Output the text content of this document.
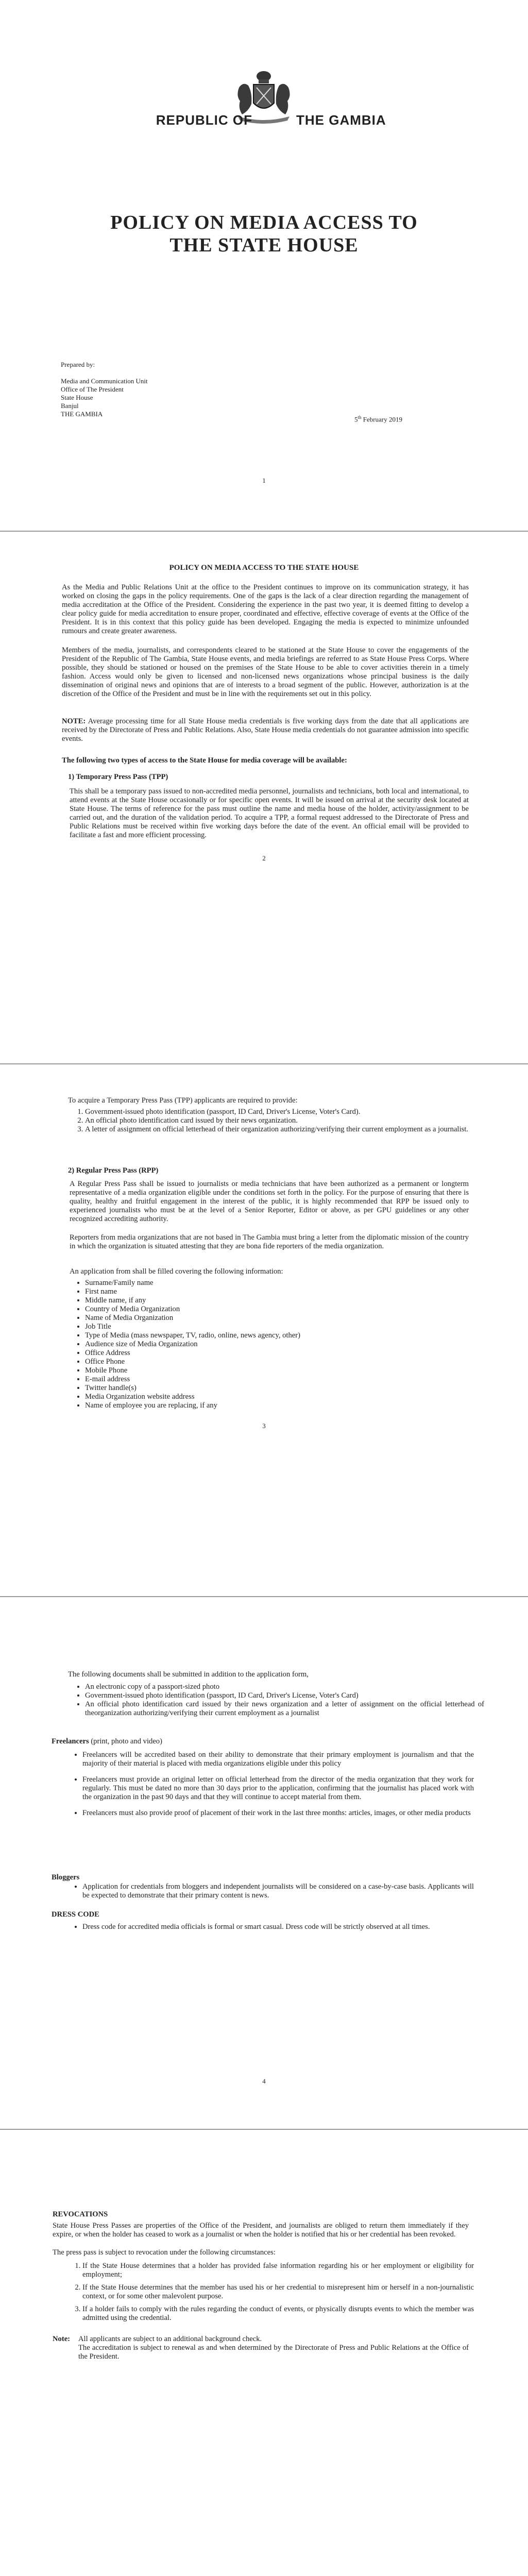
REPUBLIC OF	THE GAMBIA
POLICY ON MEDIA ACCESS TO
THE STATE HOUSE
Prepared by:
Media and Communication Unit
Office of The President
State House
Banjul
THE GAMBIA
5th February 2019
1
POLICY ON MEDIA ACCESS TO THE STATE HOUSE

As the Media and Public Relations Unit at the office to the President continues to improve on its communication strategy, it has worked on closing the gaps in the policy requirements. One of the gaps is the lack of a clear direction regarding the management of media accreditation at the Office of the President. Considering the experience in the past two year, it is deemed fitting to develop a clear policy guide for media accreditation to ensure proper, coordinated and effective, effective coverage of events at the Office of the President. It is in this context that this policy guide has been developed. Engaging the media is expected to minimize unfounded rumours and create greater awareness.

Members of the media, journalists, and correspondents cleared to be stationed at the State House to cover the engagements of the President of the Republic of The Gambia, State House events, and media briefings are referred to as State House Press Corps. Where possible, they should be stationed or housed on the premises of the State House to be able to cover activities therein in a timely fashion. Access would only be given to licensed and non-licensed news organizations whose principal business is the daily dissemination of original news and opinions that are of interests to a broad segment of the public. However, authorization is at the discretion of the Office of the President and must be in line with the requirements set out in this policy.

NOTE: Average processing time for all State House media credentials is five working days from the date that all applications are received by the Directorate of Press and Public Relations. Also, State House media credentials do not guarantee admission into specific events.

The following two types of access to the State House for media coverage will be available:

1) Temporary Press Pass (TPP)

This shall be a temporary pass issued to non-accredited media personnel, journalists and technicians, both local and international, to attend events at the State House occasionally or for specific open events. It will be issued on arrival at the security desk located at State House. The terms of reference for the pass must outline the name and media house of the holder, activity/assignment to be carried out, and the duration of the validation period. To acquire a TPP, a formal request addressed to the Directorate of Press and Public Relations must be received within five working days before the date of the event. An official email will be provided to facilitate a fast and more efficient processing.

2

To acquire a Temporary Press Pass (TPP) applicants are required to provide:

1. Government-issued photo identification (passport, ID Card, Driver's License, Voter's Card).
2. An official photo identification card issued by their news organization.
3. A letter of assignment on official letterhead of their organization authorizing/verifying their current employment as a journalist.

2) Regular Press Pass (RPP)

A Regular Press Pass shall be issued to journalists or media technicians that have been authorized as a permanent or longterm representative of a media organization eligible under the conditions set forth in the policy. For the purpose of ensuring that there is quality, healthy and fruitful engagement in the interest of the public, it is highly recommended that RPP be issued only to experienced journalists who must be at the level of a Senior Reporter, Editor or above, as per GPU guidelines or any other recognized accrediting authority.

Reporters from media organizations that are not based in The Gambia must bring a letter from the diplomatic mission of the country in which the organization is situated attesting that they are bona fide reporters of the media organization.

An application from shall be filled covering the following information:

• Surname/Family name
• First name
• Middle name, if any
• Country of Media Organization
• Name of Media Organization
• Job Title
• Type of Media (mass newspaper, TV, radio, online, news agency, other)
• Audience size of Media Organization
• Office Address
• Office Phone
• Mobile Phone
• E-mail address
• Twitter handle(s)
• Media Organization website address
• Name of employee you are replacing, if any
3

The following documents shall be submitted in addition to the application form,

• An electronic copy of a passport-sized photo
• Government-issued photo identification (passport, ID Card, Driver's License, Voter's Card)
• An official photo identification card issued by their news organization and a letter of assignment on the official letterhead of theorganization authorizing/verifying their current employment as a journalist

Freelancers (print, photo and video)

• Freelancers will be accredited based on their ability to demonstrate that their primary employment is journalism and that the majority of their material is placed with media organizations eligible under this policy
• Freelancers must provide an original letter on official letterhead from the director of the media organization that they work for regularly. This must be dated no more than 30 days prior to the application, confirming that the journalist has placed work with the organization in the past 90 days and that they will continue to accept material from them.
• Freelancers must also provide proof of placement of their work in the last three months: articles, images, or other media products

Bloggers

• Application for credentials from bloggers and independent journalists will be considered on a case-by-case basis. Applicants will be expected to demonstrate that their primary content is news.

DRESS CODE

• Dress code for accredited media officials is formal or smart casual. Dress code will be strictly observed at all times.
4

REVOCATIONS

State House Press Passes are properties of the Office of the President, and journalists are obliged to return them immediately if they expire, or when the holder has ceased to work as a journalist or when the holder is notified that his or her credential has been revoked.

The press pass is subject to revocation under the following circumstances:

1. If the State House determines that a holder has provided false information regarding his or her employment or eligibility for employment;
2. If the State House determines that the member has used his or her credential to misrepresent him or herself in a non-journalistic context, or for some other malevolent purpose.
3. If a holder fails to comply with the rules regarding the conduct of events, or physically disrupts events to which the member was admitted using the credential.
Note: All applicants are subject to an additional background check.

The accreditation is subject to renewal as and when determined by the Directorate of Press and Public Relations at the Office of the President.
